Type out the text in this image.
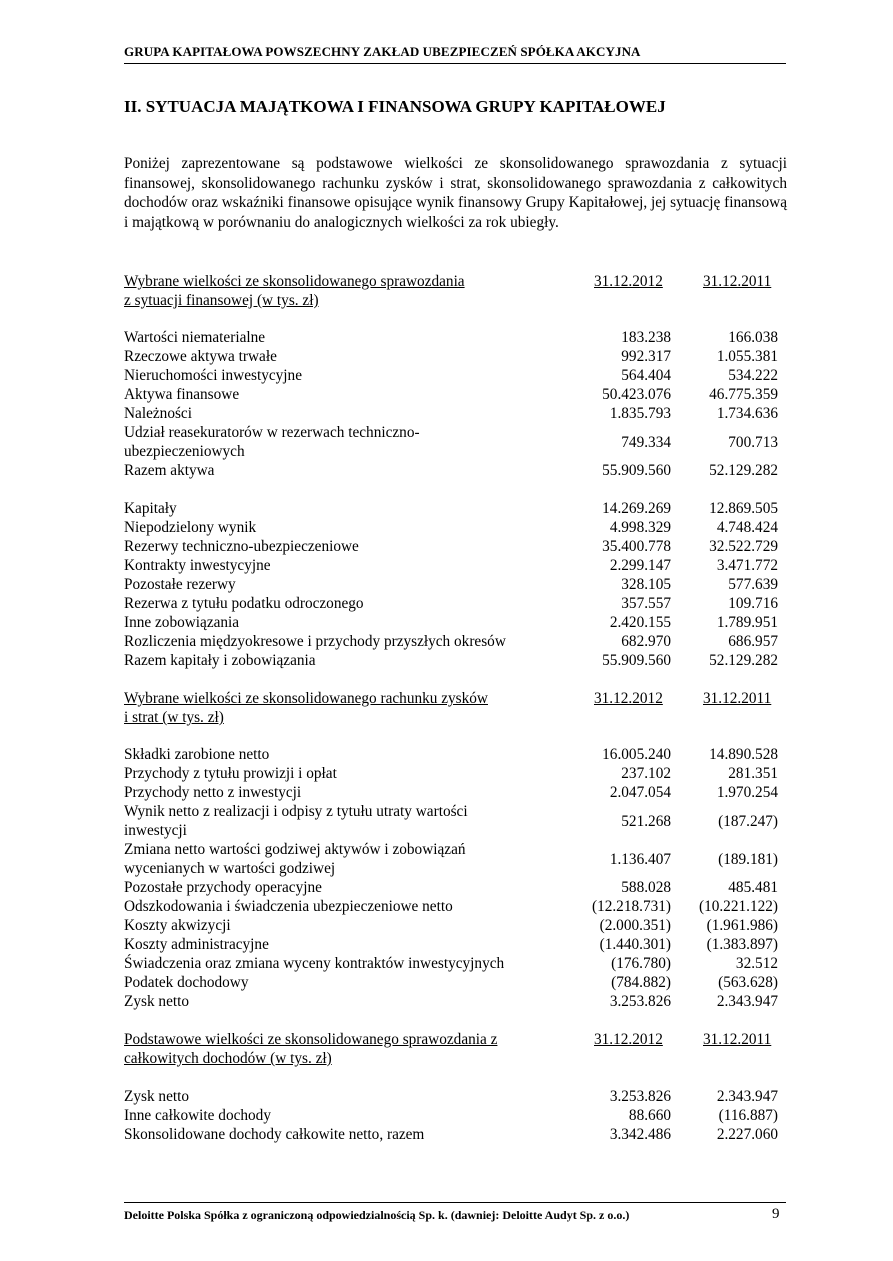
GRUPA KAPITAŁOWA POWSZECHNY ZAKŁAD UBEZPIECZEŃ SPÓŁKA AKCYJNA
II. SYTUACJA MAJĄTKOWA I FINANSOWA GRUPY KAPITAŁOWEJ

Poniżej zaprezentowane są podstawowe wielkości ze skonsolidowanego sprawozdania z sytuacji finansowej, skonsolidowanego rachunku zysków i strat, skonsolidowanego sprawozdania z całkowitych dochodów oraz wskaźniki finansowe opisujące wynik finansowy Grupy Kapitałowej, jej sytuację finansową i majątkową w porównaniu do analogicznych wielkości za rok ubiegły.

Wybrane wielkości ze skonsolidowanego sprawozdania
z sytuacji finansowej (w tys. zł)
31.12.2012	31.12.2011
Wartości niematerialne	183.238	166.038
Rzeczowe aktywa trwałe	992.317	1.055.381
Nieruchomości inwestycyjne	564.404	534.222
Aktywa finansowe	50.423.076 46.775.359
Należności	1.835.793	1.734.636
Udział reasekuratorów w rezerwach techniczno-ubezpieczeniowych
749.334	700.713
Razem aktywa	55.909.560 52.129.282
Kapitały	14.269.269 12.869.505
Niepodzielony wynik	4.998.329	4.748.424
Rezerwy techniczno-ubezpieczeniowe	35.400.778 32.522.729
Kontrakty inwestycyjne	2.299.147	3.471.772
Pozostałe rezerwy	328.105	577.639
Rezerwa z tytułu podatku odroczonego	357.557	109.716
Inne zobowiązania	2.420.155	1.789.951
Rozliczenia międzyokresowe i przychody przyszłych okresów	682.970	686.957
Razem kapitały i zobowiązania	55.909.560 52.129.282
Wybrane wielkości ze skonsolidowanego rachunku zysków
i strat (w tys. zł)
31.12.2012	31.12.2011
Składki zarobione netto	16.005.240 14.890.528
Przychody z tytułu prowizji i opłat	237.102	281.351
Przychody netto z inwestycji	2.047.054	1.970.254
Wynik netto z realizacji i odpisy z tytułu utraty wartości inwestycji
521.268	(187.247)
Zmiana netto wartości godziwej aktywów i zobowiązań wycenianych w wartości godziwej
1.136.407	(189.181)
Pozostałe przychody operacyjne	588.028	485.481
Odszkodowania i świadczenia ubezpieczeniowe netto	(12.218.731) (10.221.122)
Koszty akwizycji	(2.000.351) (1.961.986)
Koszty administracyjne	(1.440.301) (1.383.897)
Świadczenia oraz zmiana wyceny kontraktów inwestycyjnych	(176.780)	32.512
Podatek dochodowy	(784.882)	(563.628)
Zysk netto	3.253.826	2.343.947
Podstawowe wielkości ze skonsolidowanego sprawozdania z
całkowitych dochodów (w tys. zł)
31.12.2012	31.12.2011
Zysk netto	3.253.826	2.343.947
Inne całkowite dochody	88.660	(116.887)
Skonsolidowane dochody całkowite netto, razem	3.342.486	2.227.060
Deloitte Polska Spółka z ograniczoną odpowiedzialnością Sp. k. (dawniej: Deloitte Audyt Sp. z o.o.)	9
